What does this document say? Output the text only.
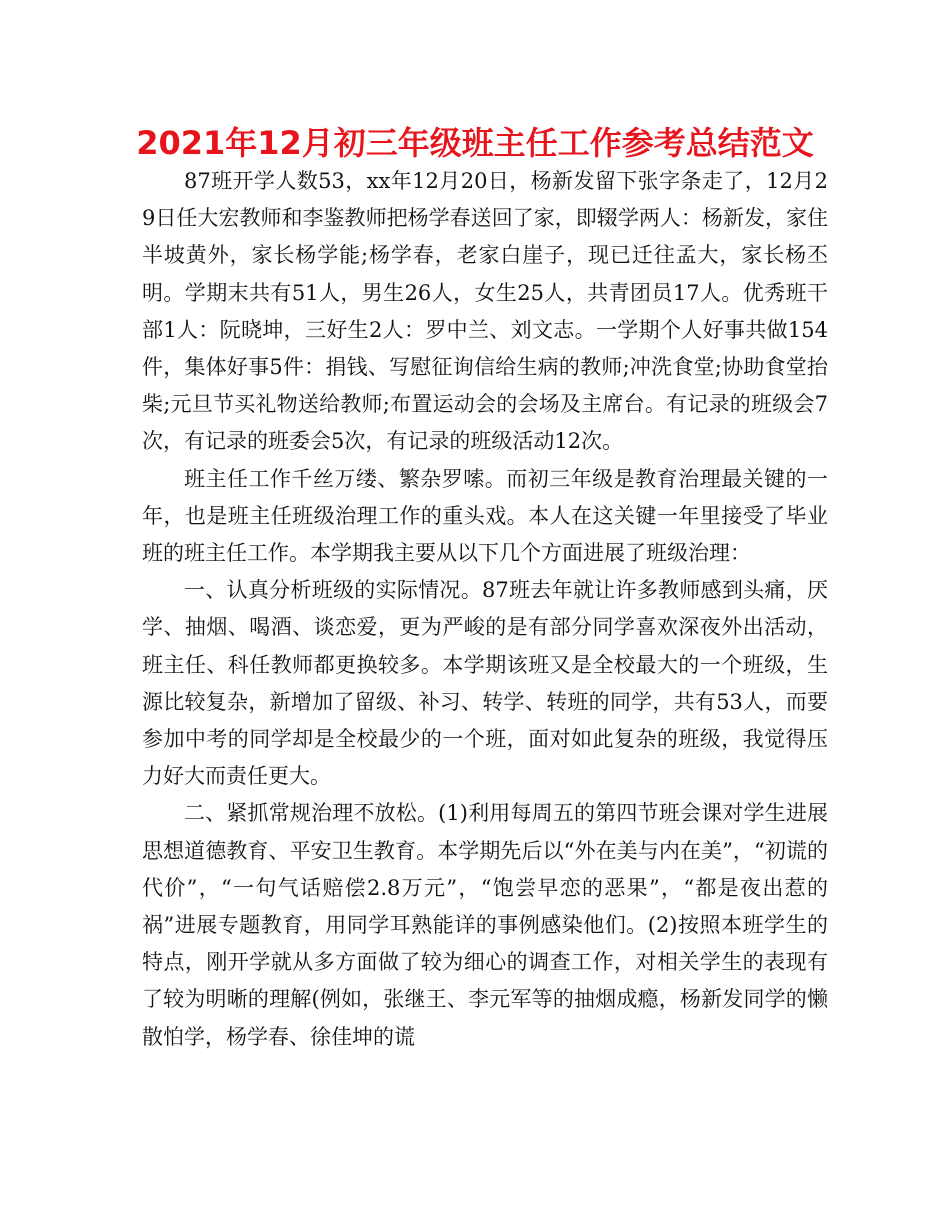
2021年12月初三年级班主任工作参考总结范文

87班开学人数53，xx年12月20日，杨新发留下张字条走了，12月29日任大宏教师和李鉴教师把杨学春送回了家，即辍学两人：杨新发，家住半坡黄外，家长杨学能;杨学春，老家白崖子，现已迁往孟大，家长杨丕明。学期末共有51人，男生26人，女生25人，共青团员17人。优秀班干部1人：阮晓坤，三好生2人：罗中兰、刘文志。一学期个人好事共做154件，集体好事5件：捐钱、写慰征询信给生病的教师;冲洗食堂;协助食堂抬柴;元旦节买礼物送给教师;布置运动会的会场及主席台。有记录的班级会7次，有记录的班委会5次，有记录的班级活动12次。

班主任工作千丝万缕、繁杂罗嗦。而初三年级是教育治理最关键的一年，也是班主任班级治理工作的重头戏。本人在这关键一年里接受了毕业班的班主任工作。本学期我主要从以下几个方面进展了班级治理：

一、认真分析班级的实际情况。87班去年就让许多教师感到头痛，厌学、抽烟、喝酒、谈恋爱，更为严峻的是有部分同学喜欢深夜外出活动，班主任、科任教师都更换较多。本学期该班又是全校最大的一个班级，生源比较复杂，新增加了留级、补习、转学、转班的同学，共有53人，而要参加中考的同学却是全校最少的一个班，面对如此复杂的班级，我觉得压力好大而责任更大。

二、紧抓常规治理不放松。(1)利用每周五的第四节班会课对学生进展思想道德教育、平安卫生教育。本学期先后以“外在美与内在美”，“初谎的代价”，“一句气话赔偿2.8万元”，“饱尝早恋的恶果”，“都是夜出惹的祸”进展专题教育，用同学耳熟能详的事例感染他们。(2)按照本班学生的特点，刚开学就从多方面做了较为细心的调查工作，对相关学生的表现有了较为明晰的理解(例如，张继王、李元军等的抽烟成瘾，杨新发同学的懒散怕学，杨学春、徐佳坤的谎
